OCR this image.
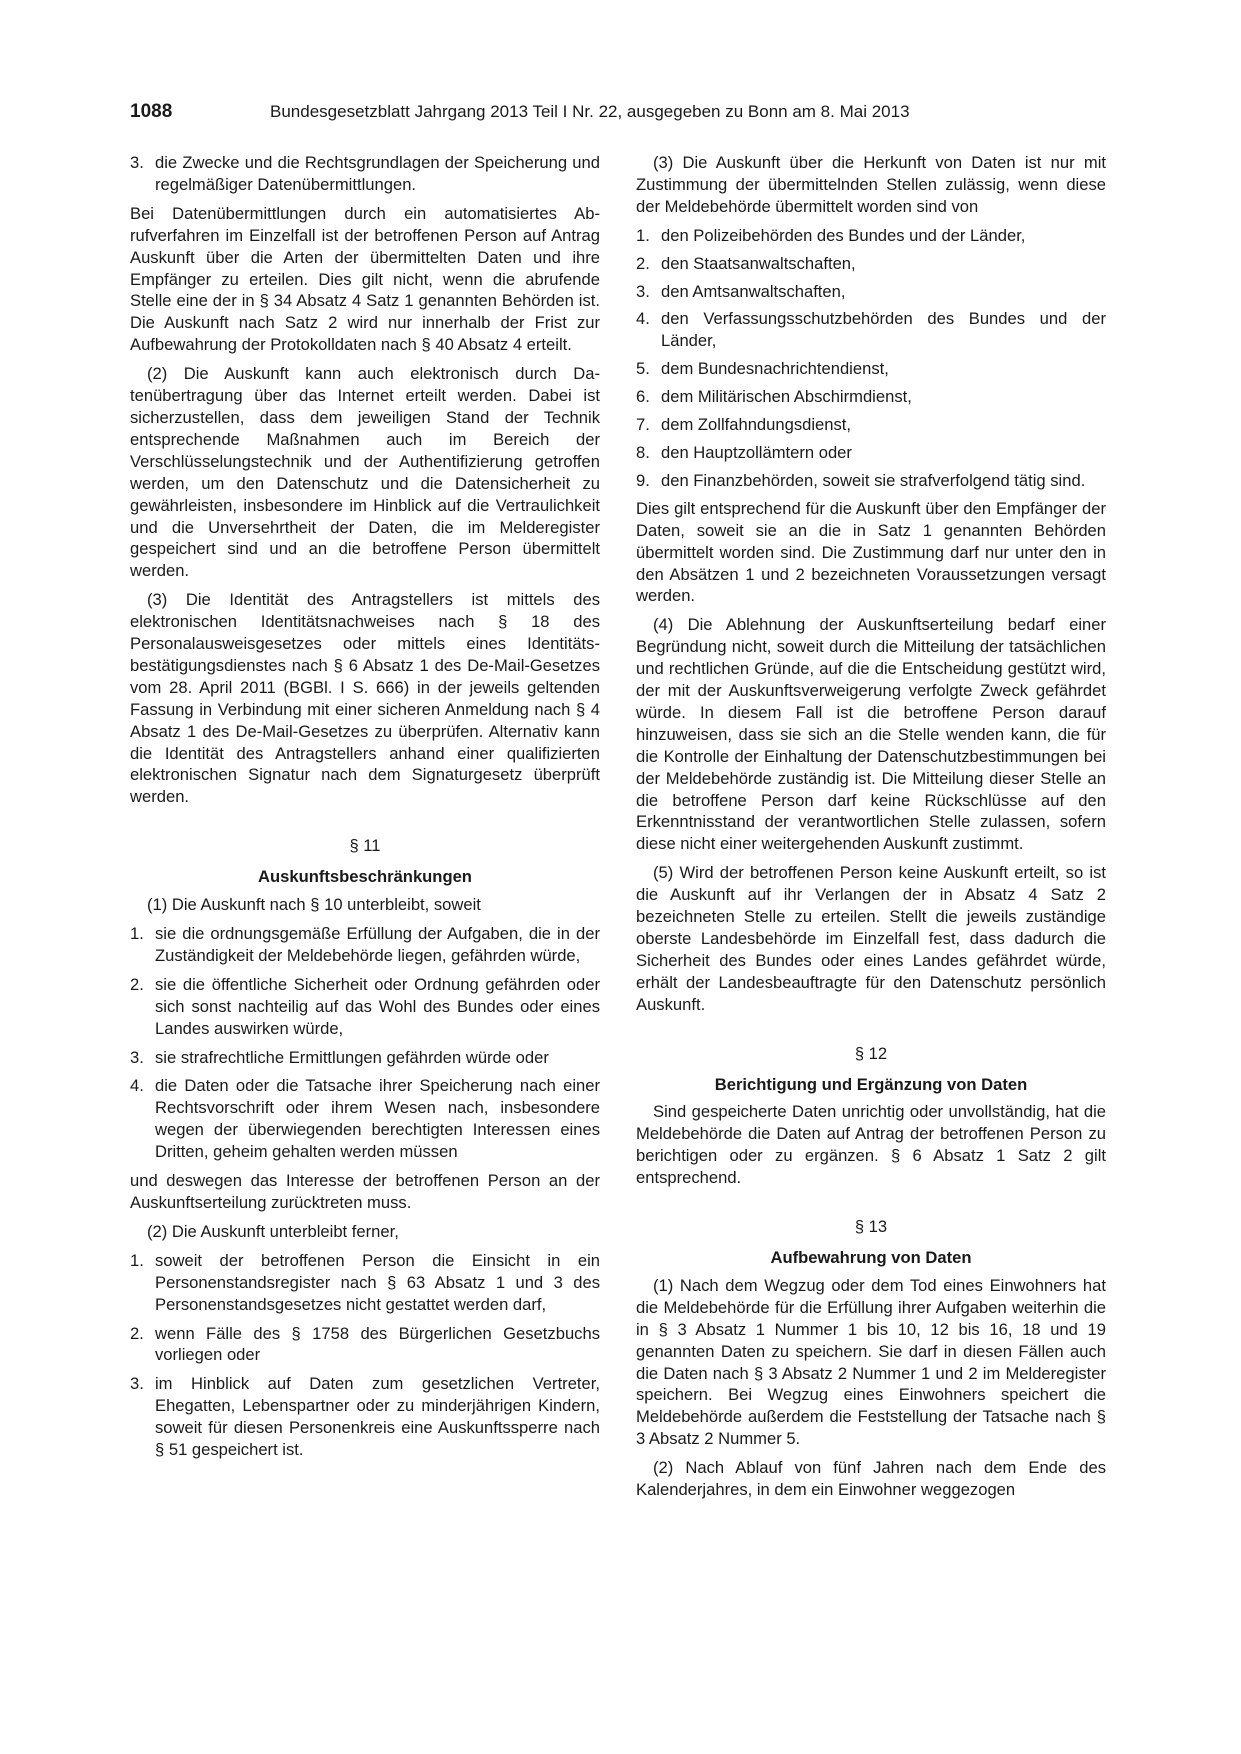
1088	Bundesgesetzblatt Jahrgang 2013 Teil I Nr. 22, ausgegeben zu Bonn am 8. Mai 2013
3. die Zwecke und die Rechtsgrundlagen der Speicherung und regelmäßiger Datenübermittlungen.

Bei Datenübermittlungen durch ein automatisiertes Abrufverfahren im Einzelfall ist der betroffenen Person auf Antrag Auskunft über die Arten der übermittelten Daten und ihre Empfänger zu erteilen. Dies gilt nicht, wenn die abrufende Stelle eine der in § 34 Absatz 4 Satz 1 genannten Behörden ist. Die Auskunft nach Satz 2 wird nur innerhalb der Frist zur Aufbewahrung der Protokolldaten nach § 40 Absatz 4 erteilt.

(2) Die Auskunft kann auch elektronisch durch Datenübertragung über das Internet erteilt werden. Dabei ist sicherzustellen, dass dem jeweiligen Stand der Technik entsprechende Maßnahmen auch im Bereich der Verschlüsselungstechnik und der Authentifizierung getroffen werden, um den Datenschutz und die Datensicherheit zu gewährleisten, insbesondere im Hinblick auf die Vertraulichkeit und die Unversehrtheit der Daten, die im Melderegister gespeichert sind und an die betroffene Person übermittelt werden.

(3) Die Identität des Antragstellers ist mittels des elektronischen Identitätsnachweises nach § 18 des Personalausweisgesetzes oder mittels eines Identitätsbestätigungsdienstes nach § 6 Absatz 1 des De-Mail-Gesetzes vom 28. April 2011 (BGBl. I S. 666) in der jeweils geltenden Fassung in Verbindung mit einer sicheren Anmeldung nach § 4 Absatz 1 des De-Mail-Gesetzes zu überprüfen. Alternativ kann die Identität des Antragstellers anhand einer qualifizierten elektronischen Signatur nach dem Signaturgesetz überprüft werden.

§ 11
Auskunftsbeschränkungen

(1) Die Auskunft nach § 10 unterbleibt, soweit

1. sie die ordnungsgemäße Erfüllung der Aufgaben, die in der Zuständigkeit der Meldebehörde liegen, gefährden würde,
2. sie die öffentliche Sicherheit oder Ordnung gefährden oder sich sonst nachteilig auf das Wohl des Bundes oder eines Landes auswirken würde,
3. sie strafrechtliche Ermittlungen gefährden würde oder
4. die Daten oder die Tatsache ihrer Speicherung nach einer Rechtsvorschrift oder ihrem Wesen nach, insbesondere wegen der überwiegenden berechtigten Interessen eines Dritten, geheim gehalten werden müssen

und deswegen das Interesse der betroffenen Person an der Auskunftserteilung zurücktreten muss.

(2) Die Auskunft unterbleibt ferner,

1. soweit der betroffenen Person die Einsicht in ein Personenstandsregister nach § 63 Absatz 1 und 3 des Personenstandsgesetzes nicht gestattet werden darf,
2. wenn Fälle des § 1758 des Bürgerlichen Gesetzbuchs vorliegen oder
3. im Hinblick auf Daten zum gesetzlichen Vertreter, Ehegatten, Lebenspartner oder zu minderjährigen Kindern, soweit für diesen Personenkreis eine Auskunftssperre nach § 51 gespeichert ist.

(3) Die Auskunft über die Herkunft von Daten ist nur mit Zustimmung der übermittelnden Stellen zulässig, wenn diese der Meldebehörde übermittelt worden sind von

1. den Polizeibehörden des Bundes und der Länder,
2. den Staatsanwaltschaften,
3. den Amtsanwaltschaften,
4. den Verfassungsschutzbehörden des Bundes und der Länder,
5. dem Bundesnachrichtendienst,
6. dem Militärischen Abschirmdienst,
7. dem Zollfahndungsdienst,
8. den Hauptzollämtern oder
9. den Finanzbehörden, soweit sie strafverfolgend tätig sind.

Dies gilt entsprechend für die Auskunft über den Empfänger der Daten, soweit sie an die in Satz 1 genannten Behörden übermittelt worden sind. Die Zustimmung darf nur unter den in den Absätzen 1 und 2 bezeichneten Voraussetzungen versagt werden.

(4) Die Ablehnung der Auskunftserteilung bedarf einer Begründung nicht, soweit durch die Mitteilung der tatsächlichen und rechtlichen Gründe, auf die die Entscheidung gestützt wird, der mit der Auskunftsverweigerung verfolgte Zweck gefährdet würde. In diesem Fall ist die betroffene Person darauf hinzuweisen, dass sie sich an die Stelle wenden kann, die für die Kontrolle der Einhaltung der Datenschutzbestimmungen bei der Meldebehörde zuständig ist. Die Mitteilung dieser Stelle an die betroffene Person darf keine Rückschlüsse auf den Erkenntnisstand der verantwortlichen Stelle zulassen, sofern diese nicht einer weitergehenden Auskunft zustimmt.

(5) Wird der betroffenen Person keine Auskunft erteilt, so ist die Auskunft auf ihr Verlangen der in Absatz 4 Satz 2 bezeichneten Stelle zu erteilen. Stellt die jeweils zuständige oberste Landesbehörde im Einzelfall fest, dass dadurch die Sicherheit des Bundes oder eines Landes gefährdet würde, erhält der Landesbeauftragte für den Datenschutz persönlich Auskunft.

§ 12
Berichtigung und Ergänzung von Daten

Sind gespeicherte Daten unrichtig oder unvollständig, hat die Meldebehörde die Daten auf Antrag der betroffenen Person zu berichtigen oder zu ergänzen. § 6 Absatz 1 Satz 2 gilt entsprechend.

§ 13
Aufbewahrung von Daten

(1) Nach dem Wegzug oder dem Tod eines Einwohners hat die Meldebehörde für die Erfüllung ihrer Aufgaben weiterhin die in § 3 Absatz 1 Nummer 1 bis 10, 12 bis 16, 18 und 19 genannten Daten zu speichern. Sie darf in diesen Fällen auch die Daten nach § 3 Absatz 2 Nummer 1 und 2 im Melderegister speichern. Bei Wegzug eines Einwohners speichert die Meldebehörde außerdem die Feststellung der Tatsache nach § 3 Absatz 2 Nummer 5.

(2) Nach Ablauf von fünf Jahren nach dem Ende des Kalenderjahres, in dem ein Einwohner weggezogen
